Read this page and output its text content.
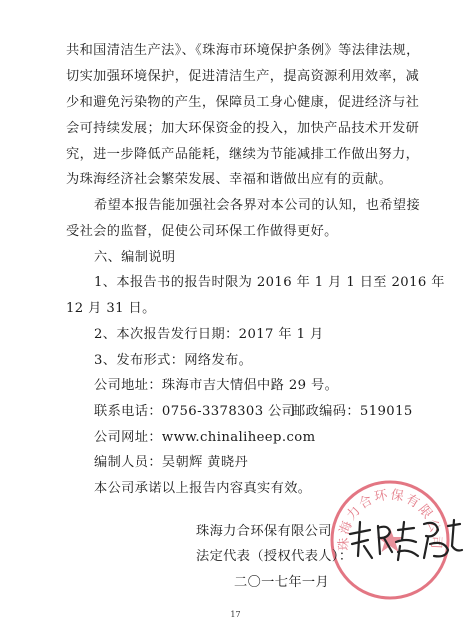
共和国清洁生产法》、《珠海市环境保护条例》等法律法规，
切实加强环境保护，促进清洁生产，提高资源利用效率，减
少和避免污染物的产生，保障员工身心健康，促进经济与社
会可持续发展；加大环保资金的投入，加快产品技术开发研
究，进一步降低产品能耗，继续为节能减排工作做出努力，
为珠海经济社会繁荣发展、幸福和谐做出应有的贡献。
希望本报告能加强社会各界对本公司的认知，也希望接
受社会的监督，促使公司环保工作做得更好。
六、编制说明
1、本报告书的报告时限为 2016 年 1 月 1 日至 2016 年
12 月 31 日。
2、本次报告发行日期：2017 年 1 月
3、发布形式：网络发布。
公司地址：珠海市吉大情侣中路 29 号。
联系电话：0756-3378303 公司
邮政编码：519015
公司网址：www.chinaliheep.com
编制人员：吴朝辉 黄晓丹
本公司承诺以上报告内容真实有效。
珠海力合环保有限公司
珠海力合环保有限公司
法定代表（授权代表人）：
二〇一七年一月
17
